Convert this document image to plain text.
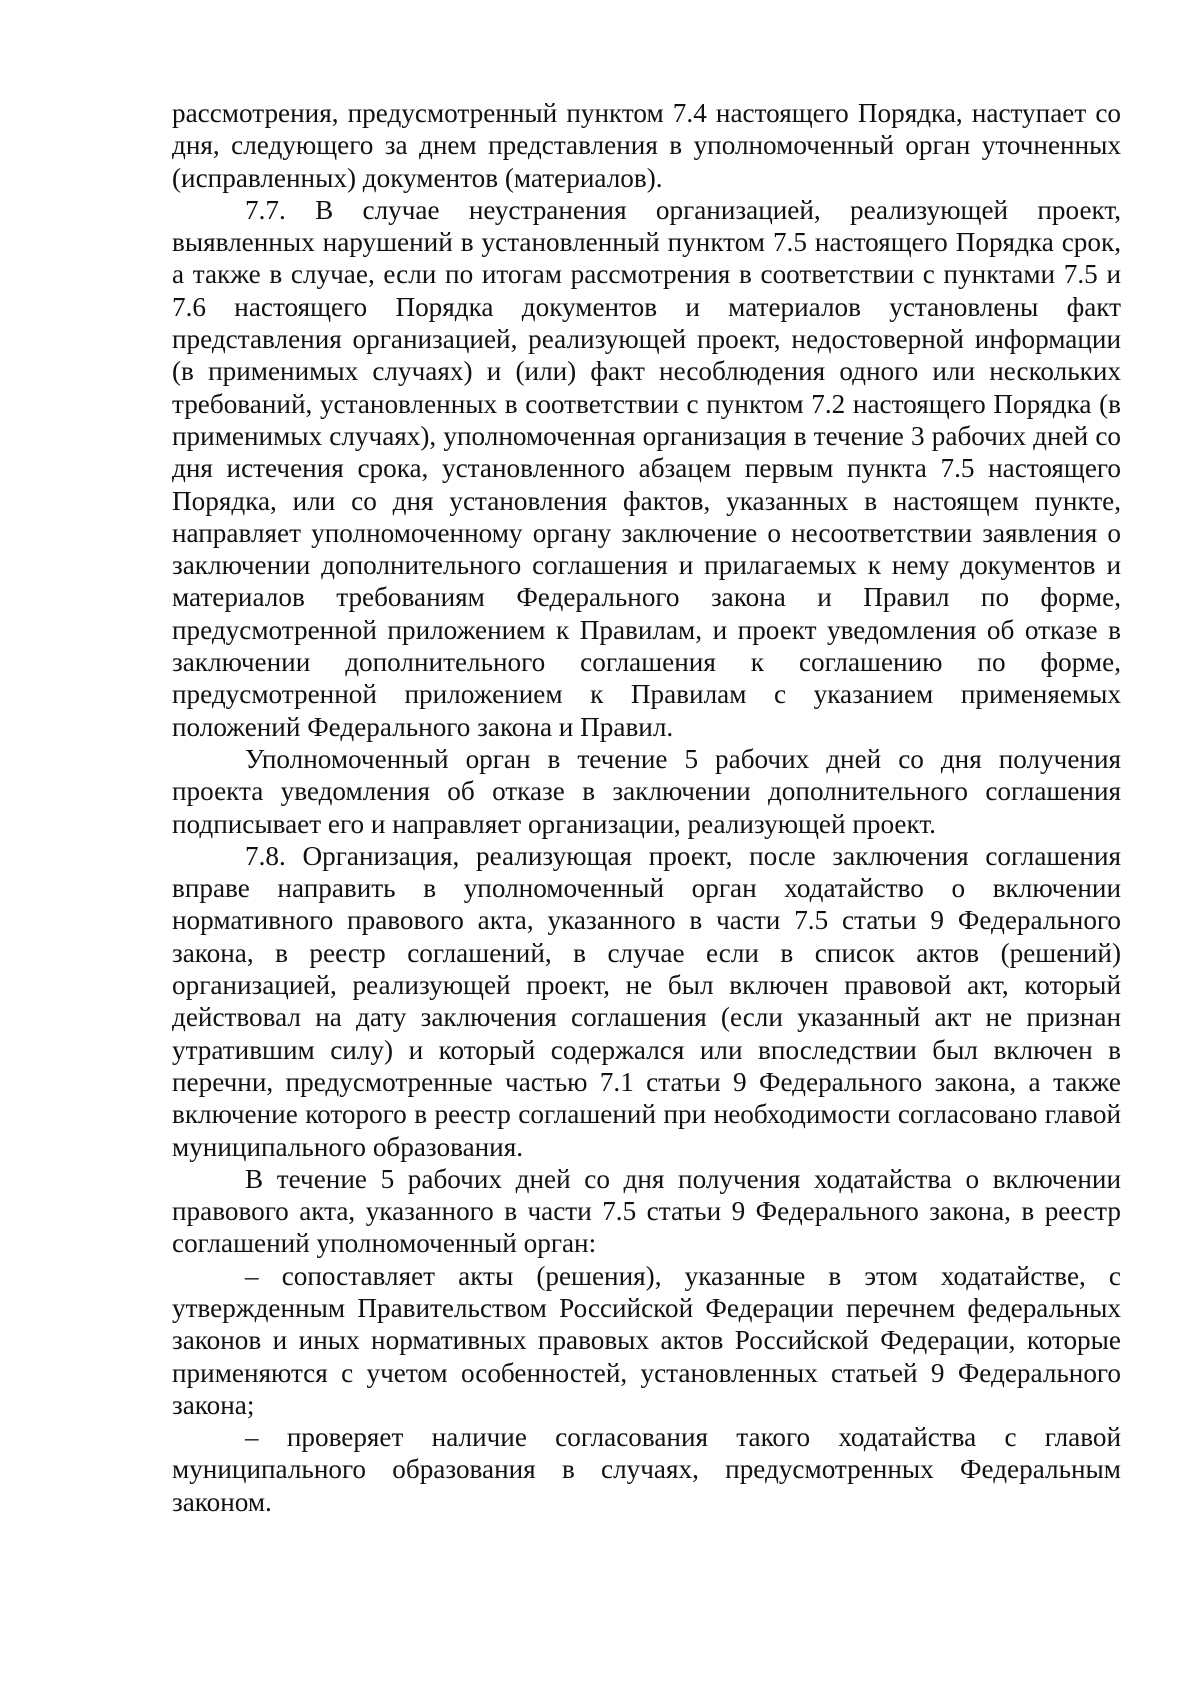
рассмотрения, предусмотренный пунктом 7.4 настоящего Порядка, наступает со дня, следующего за днем представления в уполномоченный орган уточненных (исправленных) документов (материалов).

7.7. В случае неустранения организацией, реализующей проект, выявленных нарушений в установленный пунктом 7.5 настоящего Порядка срок, а также в случае, если по итогам рассмотрения в соответствии с пунктами 7.5 и 7.6 настоящего Порядка документов и материалов установлены факт представления организацией, реализующей проект, недостоверной информации (в применимых случаях) и (или) факт несоблюдения одного или нескольких требований, установленных в соответствии с пунктом 7.2 настоящего Порядка (в применимых случаях), уполномоченная организация в течение 3 рабочих дней со дня истечения срока, установленного абзацем первым пункта 7.5 настоящего Порядка, или со дня установления фактов, указанных в настоящем пункте, направляет уполномоченному органу заключение о несоответствии заявления о заключении дополнительного соглашения и прилагаемых к нему документов и материалов требованиям Федерального закона и Правил по форме, предусмотренной приложением к Правилам, и проект уведомления об отказе в заключении дополнительного соглашения к соглашению по форме, предусмотренной приложением к Правилам с указанием применяемых положений Федерального закона и Правил.

Уполномоченный орган в течение 5 рабочих дней со дня получения проекта уведомления об отказе в заключении дополнительного соглашения подписывает его и направляет организации, реализующей проект.

7.8. Организация, реализующая проект, после заключения соглашения вправе направить в уполномоченный орган ходатайство о включении нормативного правового акта, указанного в части 7.5 статьи 9 Федерального закона, в реестр соглашений, в случае если в список актов (решений) организацией, реализующей проект, не был включен правовой акт, который действовал на дату заключения соглашения (если указанный акт не признан утратившим силу) и который содержался или впоследствии был включен в перечни, предусмотренные частью 7.1 статьи 9 Федерального закона, а также включение которого в реестр соглашений при необходимости согласовано главой муниципального образования.

В течение 5 рабочих дней со дня получения ходатайства о включении правового акта, указанного в части 7.5 статьи 9 Федерального закона, в реестр соглашений уполномоченный орган:

– сопоставляет акты (решения), указанные в этом ходатайстве, с утвержденным Правительством Российской Федерации перечнем федеральных законов и иных нормативных правовых актов Российской Федерации, которые применяются с учетом особенностей, установленных статьей 9 Федерального закона;

– проверяет наличие согласования такого ходатайства с главой муниципального образования в случаях, предусмотренных Федеральным законом.
